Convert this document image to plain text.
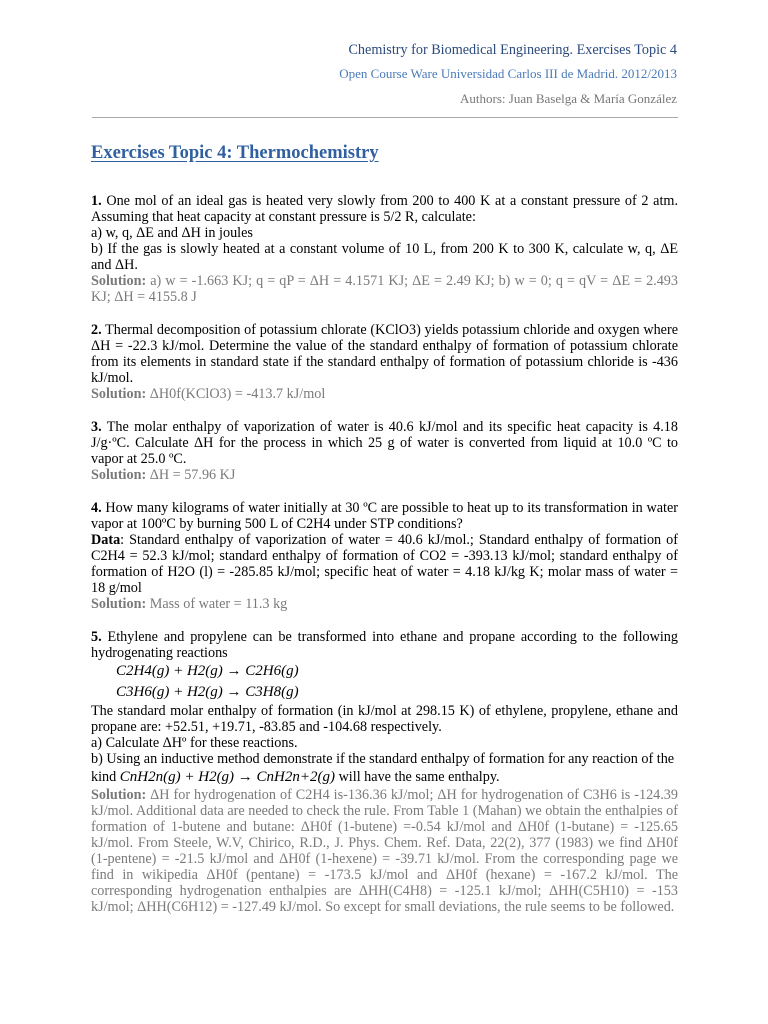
Chemistry for Biomedical Engineering. Exercises Topic 4
Open Course Ware Universidad Carlos III de Madrid. 2012/2013
Authors: Juan Baselga & María González
Exercises Topic 4: Thermochemistry

1. One mol of an ideal gas is heated very slowly from 200 to 400 K at a constant pressure of 2 atm. Assuming that heat capacity at constant pressure is 5/2 R, calculate:

a) w, q, ΔE and ΔH in joules

b) If the gas is slowly heated at a constant volume of 10 L, from 200 K to 300 K, calculate w, q, ΔE and ΔH.

Solution: a) w = -1.663 KJ; q = qP = ΔH = 4.1571 KJ; ΔE = 2.49 KJ; b) w = 0; q = qV = ΔE = 2.493 KJ; ΔH = 4155.8 J

2. Thermal decomposition of potassium chlorate (KClO3) yields potassium chloride and oxygen where ΔH = -22.3 kJ/mol. Determine the value of the standard enthalpy of formation of potassium chlorate from its elements in standard state if the standard enthalpy of formation of potassium chloride is -436 kJ/mol.

Solution: ΔH0f(KClO3) = -413.7 kJ/mol

3. The molar enthalpy of vaporization of water is 40.6 kJ/mol and its specific heat capacity is 4.18 J/g·ºC. Calculate ΔH for the process in which 25 g of water is converted from liquid at 10.0 ºC to vapor at 25.0 ºC.

Solution: ΔH = 57.96 KJ

4. How many kilograms of water initially at 30 ºC are possible to heat up to its transformation in water vapor at 100ºC by burning 500 L of C2H4 under STP conditions?

Data: Standard enthalpy of vaporization of water = 40.6 kJ/mol.; Standard enthalpy of formation of C2H4 = 52.3 kJ/mol; standard enthalpy of formation of CO2 = -393.13 kJ/mol; standard enthalpy of formation of H2O (l) = -285.85 kJ/mol; specific heat of water = 4.18 kJ/kg K; molar mass of water = 18 g/mol

Solution: Mass of water = 11.3 kg

5. Ethylene and propylene can be transformed into ethane and propane according to the following hydrogenating reactions

C2H4(g) + H2(g) → C2H6(g)
C3H6(g) + H2(g) → C3H8(g)

The standard molar enthalpy of formation (in kJ/mol at 298.15 K) of ethylene, propylene, ethane and propane are: +52.51, +19.71, -83.85 and -104.68 respectively.

a) Calculate ΔHº for these reactions.

b) Using an inductive method demonstrate if the standard enthalpy of formation for any reaction of the

kind CnH2n(g) + H2(g) → CnH2n+2(g) will have the same enthalpy.

Solution: ΔH for hydrogenation of C2H4 is-136.36 kJ/mol; ΔH for hydrogenation of C3H6 is -124.39 kJ/mol. Additional data are needed to check the rule. From Table 1 (Mahan) we obtain the enthalpies of formation of 1-butene and butane: ΔH0f (1-butene) =-0.54 kJ/mol and ΔH0f (1-butane) = -125.65 kJ/mol. From Steele, W.V, Chirico, R.D., J. Phys. Chem. Ref. Data, 22(2), 377 (1983) we find ΔH0f (1-pentene) = -21.5 kJ/mol and ΔH0f (1-hexene) = -39.71 kJ/mol. From the corresponding page we find in wikipedia ΔH0f (pentane) = -173.5 kJ/mol and ΔH0f (hexane) = -167.2 kJ/mol. The corresponding hydrogenation enthalpies are ΔHH(C4H8) = -125.1 kJ/mol; ΔHH(C5H10) = -153 kJ/mol; ΔHH(C6H12) = -127.49 kJ/mol. So except for small deviations, the rule seems to be followed.
